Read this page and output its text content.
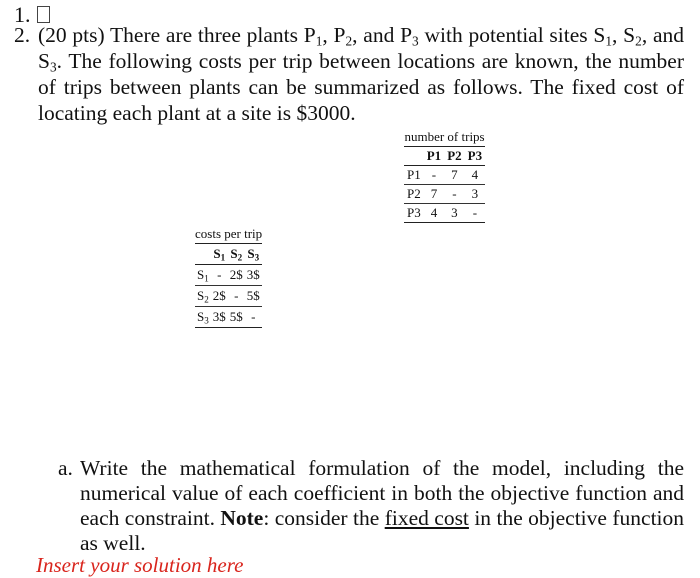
1.
2. (20 pts) There are three plants $P_1$, $P_2$, and $P_3$ with potential sites $S_1$, $S_2$, and $S_3$. The following costs per trip between locations are known, the number of trips between plants can be summarized as follows. The fixed cost of locating each plant at a site is $3000.
number of trips
	P1	P2	P3
P1	-	7	4
P2	7	-	3
P3	4	3	-
costs per trip
	$S_1$	$S_2$	$S_3$
$S_1$	-	2$	3$
$S_2$	2$	-	5$
$S_3$	3$	5$	-
a. Write the mathematical formulation of the model, including the numerical value of each coefficient in both the objective function and each constraint. Note: consider the fixed cost in the objective function as well.
Insert your solution here
